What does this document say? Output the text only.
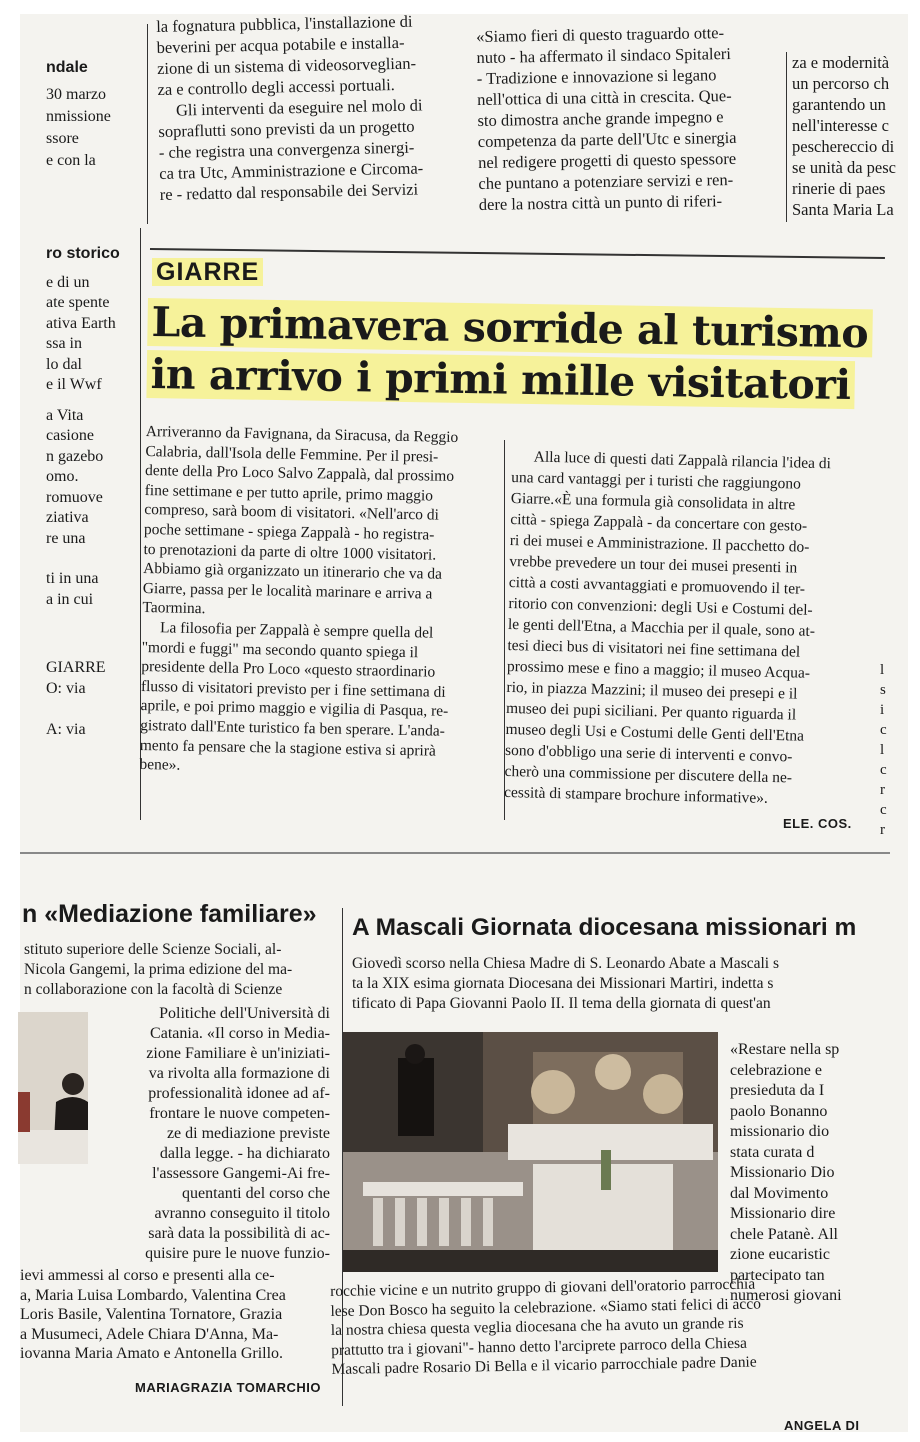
ndale
30 marzo
nmissione
ssore
e con la
la fognatura pubblica, l'installazione di
beverini per acqua potabile e installa-
zione di un sistema di videosorveglian-
za e controllo degli accessi portuali.
Gli interventi da eseguire nel molo di
sopraflutti sono previsti da un progetto
- che registra una convergenza sinergi-
ca tra Utc, Amministrazione e Circoma-
re - redatto dal responsabile dei Servizi
«Siamo fieri di questo traguardo otte-
nuto - ha affermato il sindaco Spitaleri
- Tradizione e innovazione si legano
nell'ottica di una città in crescita. Que-
sto dimostra anche grande impegno e
competenza da parte dell'Utc e sinergia
nel redigere progetti di questo spessore
che puntano a potenziare servizi e ren-
dere la nostra città un punto di riferi-
za e modernità
un percorso ch
garantendo un
nell'interesse c
peschereccio di
se unità da pesc
rinerie di paes
Santa Maria La
ro storico
e di un
ate spente
ativa Earth
ssa in
lo dal
e il Wwf
a Vita
casione
n gazebo
omo.
romuove
ziativa
re una
ti in una
a in cui
GIARRE
O: via

A: via
GIARRE
La primavera sorride al turismo
in arrivo i primi mille visitatori
Arriveranno da Favignana, da Siracusa, da Reggio
Calabria, dall'Isola delle Femmine. Per il presi-
dente della Pro Loco Salvo Zappalà, dal prossimo
fine settimane e per tutto aprile, primo maggio
compreso, sarà boom di visitatori. «Nell'arco di
poche settimane - spiega Zappalà - ho registra-
to prenotazioni da parte di oltre 1000 visitatori.
Abbiamo già organizzato un itinerario che va da
Giarre, passa per le località marinare e arriva a
Taormina.
La filosofia per Zappalà è sempre quella del
"mordi e fuggi" ma secondo quanto spiega il
presidente della Pro Loco «questo straordinario
flusso di visitatori previsto per i fine settimana di
aprile, e poi primo maggio e vigilia di Pasqua, re-
gistrato dall'Ente turistico fa ben sperare. L'anda-
mento fa pensare che la stagione estiva si aprirà
bene».
Alla luce di questi dati Zappalà rilancia l'idea di
una card vantaggi per i turisti che raggiungono
Giarre.«È una formula già consolidata in altre
città - spiega Zappalà - da concertare con gesto-
ri dei musei e Amministrazione. Il pacchetto do-
vrebbe prevedere un tour dei musei presenti in
città a costi avvantaggiati e promuovendo il ter-
ritorio con convenzioni: degli Usi e Costumi del-
le genti dell'Etna, a Macchia per il quale, sono at-
tesi dieci bus di visitatori nei fine settimana del
prossimo mese e fino a maggio; il museo Acqua-
rio, in piazza Mazzini; il museo dei presepi e il
museo dei pupi siciliani. Per quanto riguarda il
museo degli Usi e Costumi delle Genti dell'Etna
sono d'obbligo una serie di interventi e convo-
cherò una commissione per discutere della ne-
cessità di stampare brochure informative».
ELE. COS.
l
s
i
c
l
c
r
c
r
n «Mediazione familiare»
stituto superiore delle Scienze Sociali, al-
Nicola Gangemi, la prima edizione del ma-
n collaborazione con la facoltà di Scienze
Politiche dell'Università di
Catania. «Il corso in Media-
zione Familiare è un'iniziati-
va rivolta alla formazione di
professionalità idonee ad af-
frontare le nuove competen-
ze di mediazione previste
dalla legge. - ha dichiarato
l'assessore Gangemi-Ai fre-
quentanti del corso che
avranno conseguito il titolo
sarà data la possibilità di ac-
quisire pure le nuove funzio-
ievi ammessi al corso e presenti alla ce-
a, Maria Luisa Lombardo, Valentina Crea
Loris Basile, Valentina Tornatore, Grazia
a Musumeci, Adele Chiara D'Anna, Ma-
iovanna Maria Amato e Antonella Grillo.
MARIAGRAZIA TOMARCHIO
A Mascali Giornata diocesana missionari m
Giovedì scorso nella Chiesa Madre di S. Leonardo Abate a Mascali s
ta la XIX esima giornata Diocesana dei Missionari Martiri, indetta s
tificato di Papa Giovanni Paolo II. Il tema della giornata di quest'an
«Restare nella sp
celebrazione e
presieduta da I
paolo Bonanno
missionario dio
stata curata d
Missionario Dio
dal Movimento
Missionario dire
chele Patanè. All
zione eucaristic
partecipato tan
numerosi giovani
rocchie vicine e un nutrito gruppo di giovani dell'oratorio parrocchia
lese Don Bosco ha seguito la celebrazione. «Siamo stati felici di acco
la nostra chiesa questa veglia diocesana che ha avuto un grande ris
prattutto tra i giovani"- hanno detto l'arciprete parroco della Chiesa
Mascali padre Rosario Di Bella e il vicario parrocchiale padre Danie
ANGELA DI
